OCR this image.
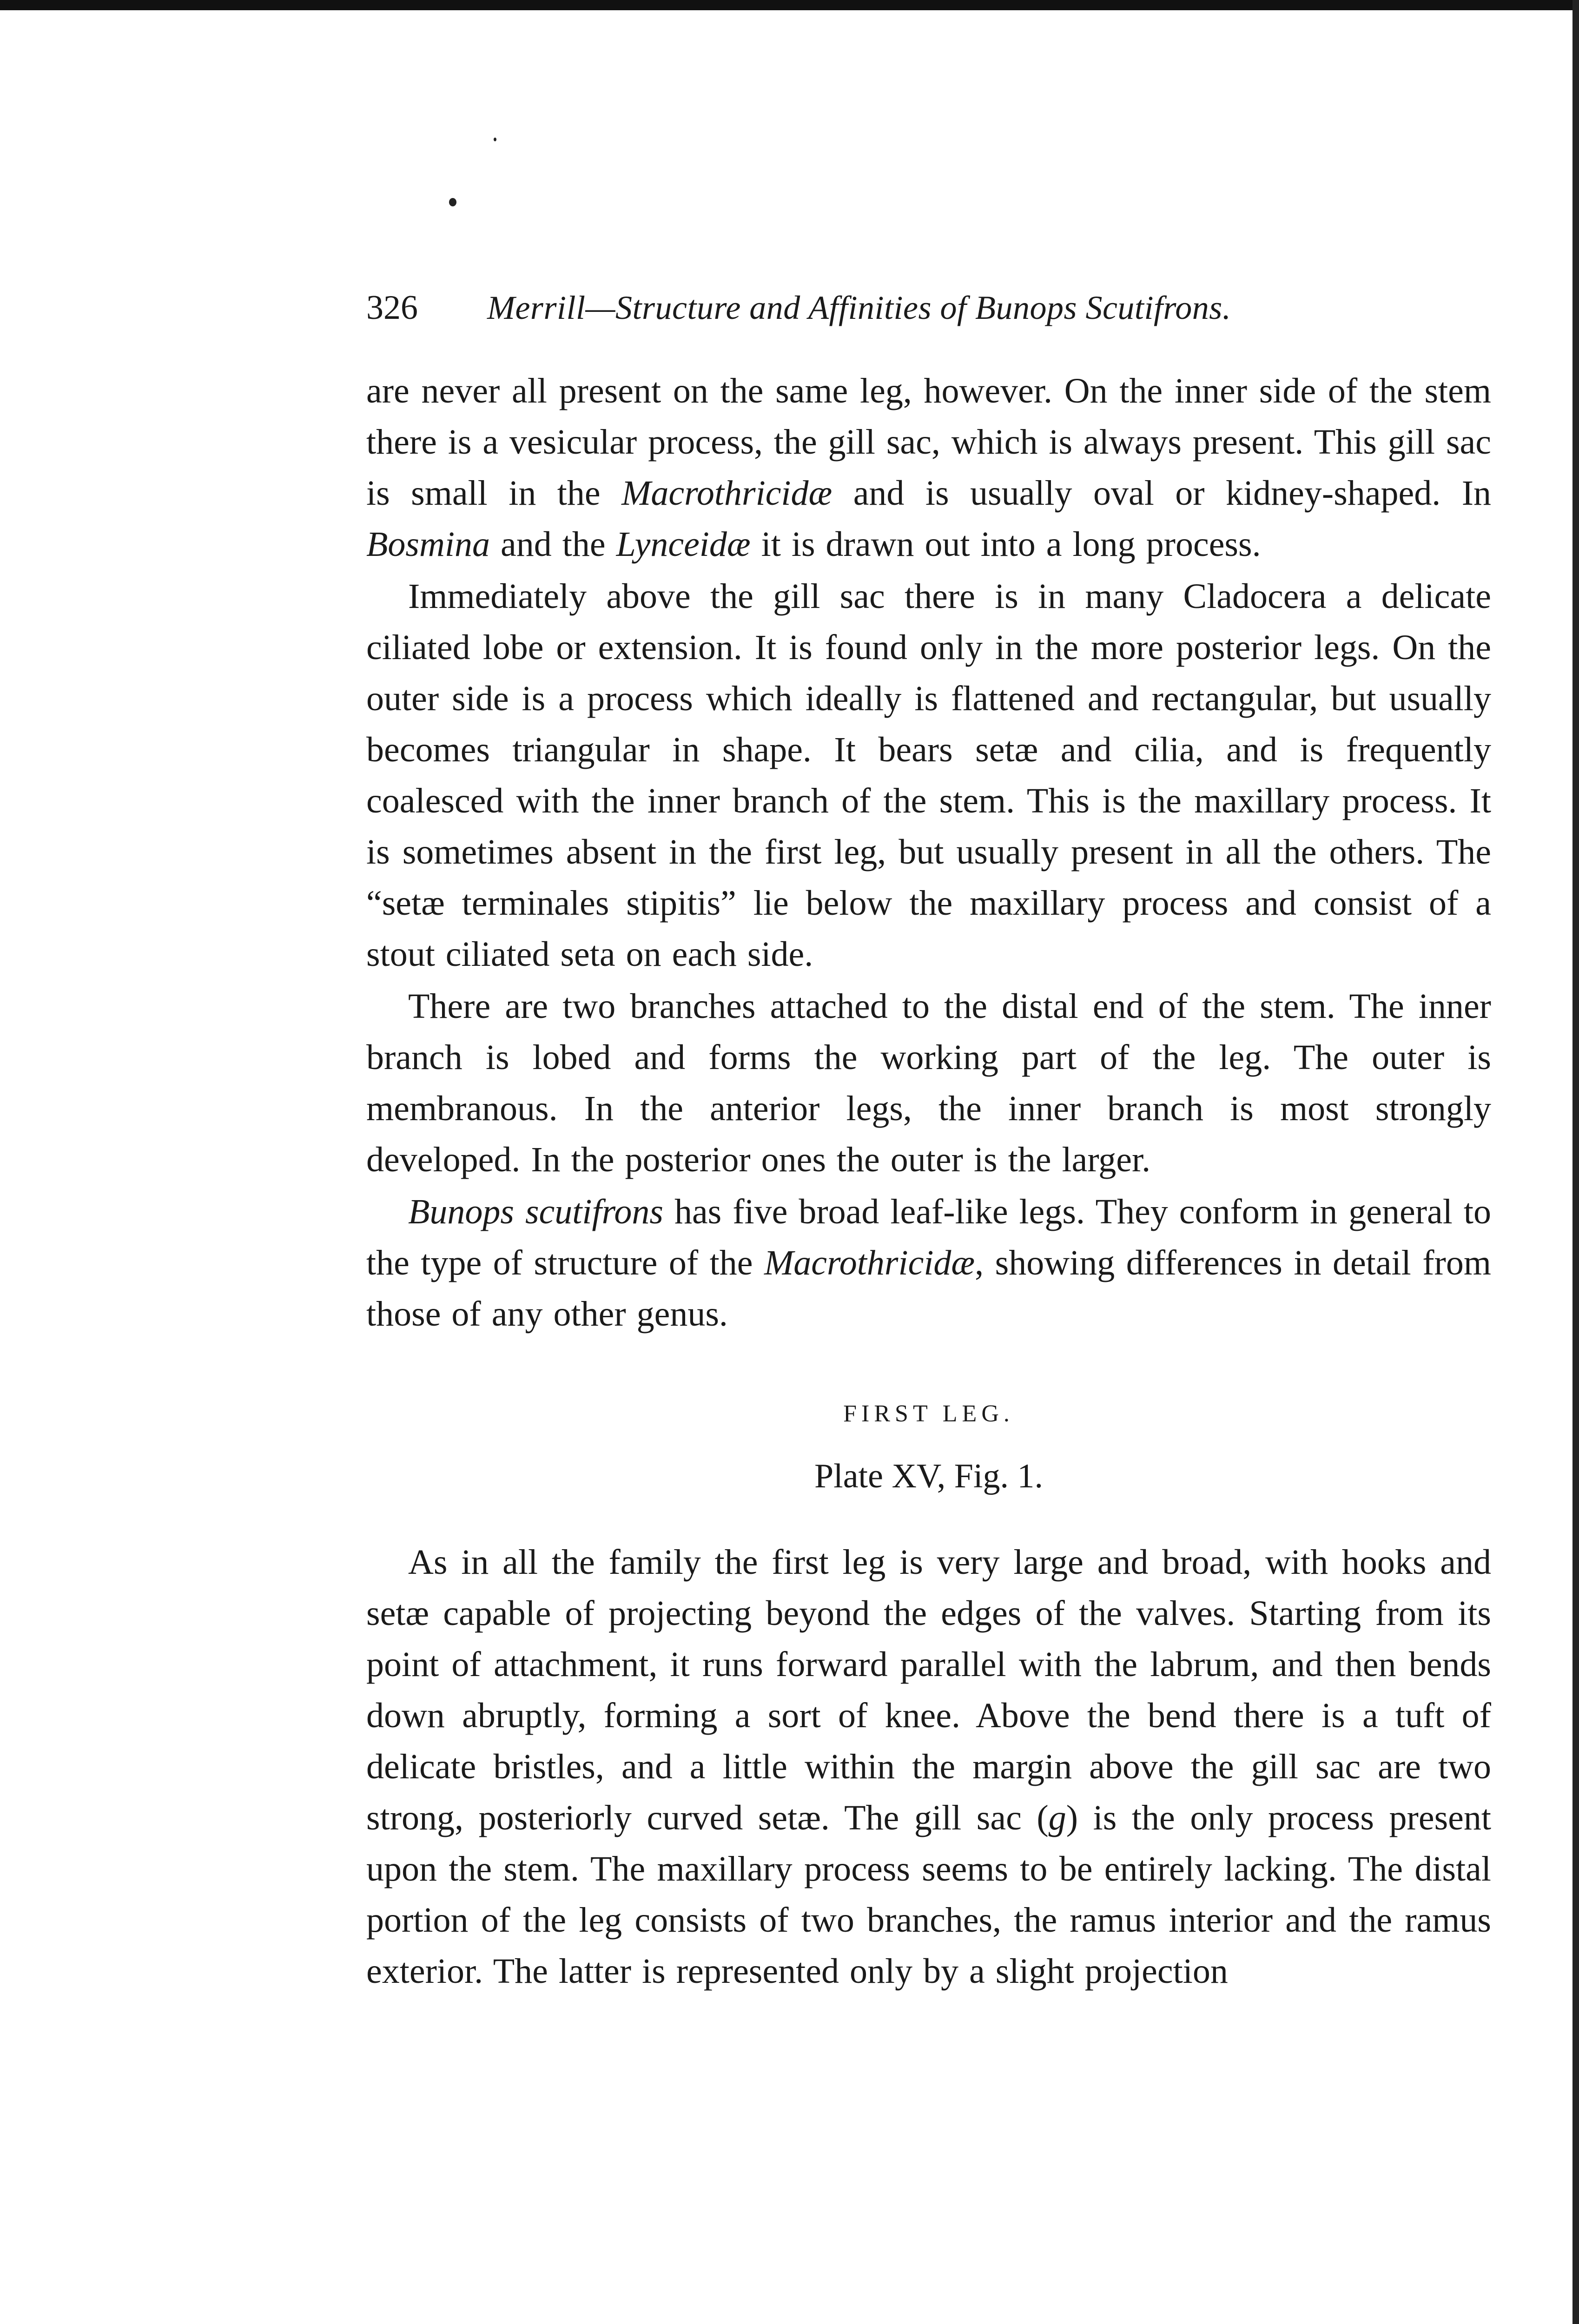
326	Merrill—Structure and Affinities of Bunops Scutifrons.

are never all present on the same leg, however. On the inner side of the stem there is a vesicular process, the gill sac, which is always present. This gill sac is small in the Macrothricidæ and is usually oval or kidney-shaped. In Bosmina and the Lynceidæ it is drawn out into a long process.

Immediately above the gill sac there is in many Cladocera a delicate ciliated lobe or extension. It is found only in the more posterior legs. On the outer side is a process which ideally is flattened and rectangular, but usually becomes triangular in shape. It bears setæ and cilia, and is frequently coalesced with the inner branch of the stem. This is the maxillary process. It is sometimes absent in the first leg, but usually present in all the others. The “setæ terminales stipitis” lie below the maxillary process and consist of a stout ciliated seta on each side.

There are two branches attached to the distal end of the stem. The inner branch is lobed and forms the working part of the leg. The outer is membranous. In the anterior legs, the inner branch is most strongly developed. In the posterior ones the outer is the larger.

Bunops scutifrons has five broad leaf-like legs. They conform in general to the type of structure of the Macrothricidæ, showing differences in detail from those of any other genus.

FIRST LEG.
Plate XV, Fig. 1.

As in all the family the first leg is very large and broad, with hooks and setæ capable of projecting beyond the edges of the valves. Starting from its point of attachment, it runs forward parallel with the labrum, and then bends down abruptly, forming a sort of knee. Above the bend there is a tuft of delicate bristles, and a little within the margin above the gill sac are two strong, posteriorly curved setæ. The gill sac (g) is the only process present upon the stem. The maxillary process seems to be entirely lacking. The distal portion of the leg consists of two branches, the ramus interior and the ramus exterior. The latter is represented only by a slight projection
